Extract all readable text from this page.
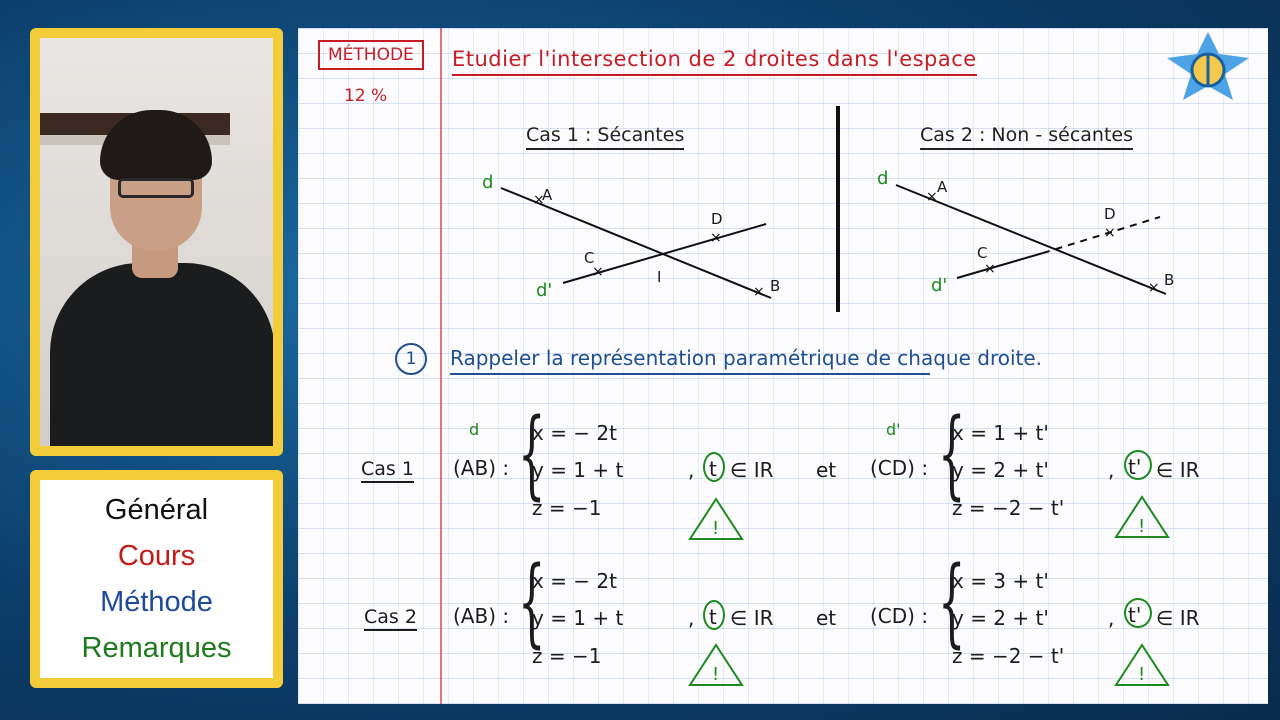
Général
Cours
Méthode
Remarques
MÉTHODE
12 %
Etudier l'intersection de 2 droites dans l'espace
Cas 1 : Sécantes	Cas 2 : Non - sécantes
×
×
×
×
×
×
×
×
d
d'
A
B
C
D
I
d
d'
A
B
C
D
1	Rappeler la représentation paramétrique de chaque droite.
Cas 1
d
(AB) : {
x = − 2t
y = 1 + t
z = −1
, t ∈ IR
!
et
d'
(CD) : {
x = 1 + t'
y = 2 + t'
z = −2 − t'
, t' ∈ IR
!
Cas 2 (AB) : {
x = − 2t
y = 1 + t
z = −1
, t ∈ IR
!
et (CD) : {
x = 3 + t'
y = 2 + t'
z = −2 − t'
, t' ∈ IR
!
